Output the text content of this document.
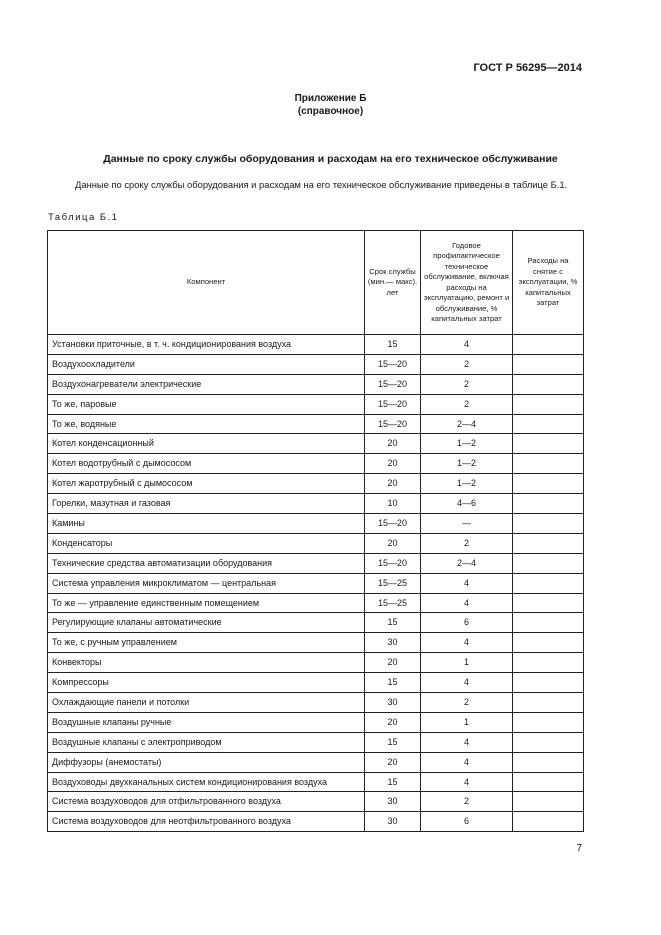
ГОСТ Р 56295—2014
Приложение Б
(справочное)
Данные по сроку службы оборудования и расходам на его техническое обслуживание

Данные по сроку службы оборудования и расходам на его техническое обслуживание приведены в таблице Б.1.

Таблица Б.1
Компонент	Срок службы (мин.— макс). лет	Годовое профилактическое техническое обслуживание, включая расходы на эксплуатацию, ремонт и обслуживание, % капитальных затрат	Расходы на снятие с эксплуатации, % капитальных затрат
Установки приточные, в т. ч. кондиционирования воздуха	15	4	
Воздухоохладители	15—20	2	
Воздухонагреватели электрические	15—20	2	
То же, паровые	15—20	2	
То же, водяные	15—20	2—4	
Котел конденсационный	20	1—2	
Котел водотрубный с дымососом	20	1—2	
Котел жаротрубный с дымососом	20	1—2	
Горелки, мазутная и газовая	10	4—6	
Камины	15—20	—	
Конденсаторы	20	2	
Технические средства автоматизации оборудования	15—20	2—4	
Система управления микроклиматом — центральная	15—25	4	
То же — управление единственным помещением	15—25	4	
Регулирующие клапаны автоматические	15	6	
То же, с ручным управлением	30	4	
Конвекторы	20	1	
Компрессоры	15	4	
Охлаждающие панели и потолки	30	2	
Воздушные клапаны ручные	20	1	
Воздушные клапаны с электроприводом	15	4	
Диффузоры (анемостаты)	20	4	
Воздуховоды двухканальных систем кондиционирования воздуха	15	4	
Система воздуховодов для отфильтрованного воздуха	30	2	
Система воздуховодов для неотфильтрованного воздуха	30	6	
7
